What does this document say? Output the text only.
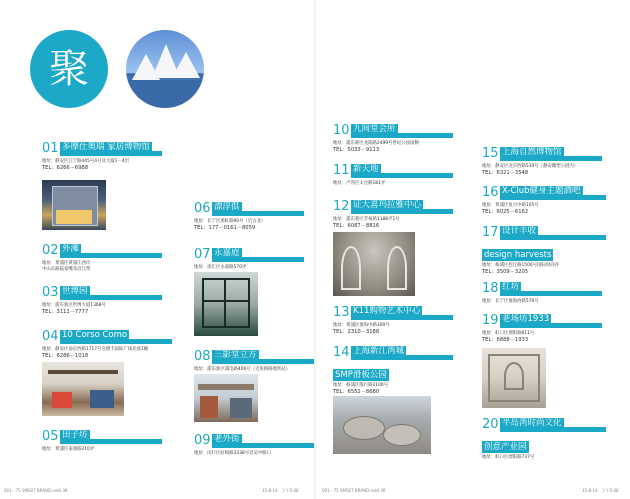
聚
01 多摩仕奥瑞 家居博物馆
地址：静安区江宁路445号4号及大厦1－4层
TEL：6266－6988
02 外滩
地址：黄浦区黄浦江西岸
中山东路陆家嘴等沿江带
03 世博园
地址：浦东新区世博大道1368号
TEL：3111－7777
04 10 Corso Como
地址：静安区南京西路1717号会德丰国际广场北座1幢
TEL：6286－1018
05 田子坊
地址：黄浦区泰康路210弄
06 漂浮俱
地址：长宁区淞虹路90号（近古北）
TEL：177－0161－8059
07 永嘉庭
地址：徐汇区永嘉路570弄
08 三影堂立方
地址：浦东新区浦电路400号（近张杨路地铁站）
09 老外街
地址：闵行区虹梅路3338号近吴中路口
10 九间堂会所
地址：浦东新区龙阳路2499号世纪公园南侧
TEL：5033－9113
11 新天地
地址：卢湾区太仓路181弄
12 证大喜玛拉雅中心
地址：浦东新区芳甸路1188弄1号
TEL：6087－8816
13 K11购物艺术中心
地址：黄浦区淮海中路300号
TEL：2310－3188
14 上海新江湾城
SMP滑板公园
地址：杨浦区殷行路2100号
TEL：6552－8680
15 上海自然博物馆
地址：静安区北京西路510号（静安雕塑公园内）
TEL：6321－3548
16 X-Club健身主题酒吧
地址：黄浦区复兴中路105号
TEL：6025－6162
17 设计丰收
design harvests
地址：杨浦区控江路1500号国际时尚谷
TEL：3509－3205
18 红坊
地址：长宁区淮海西路570号
19 老场坊1933
地址：虹口区溧阳路611号
TEL：6888－1933
20 半岛湾时尚文化
创意产业园
地址：虹口区溧阳路737号
001－75 SMS07 BRAND.indd 38	15-8-14　下午5:48	001－75 SMS07 BRAND.indd 39	15-8-14　下午5:48
